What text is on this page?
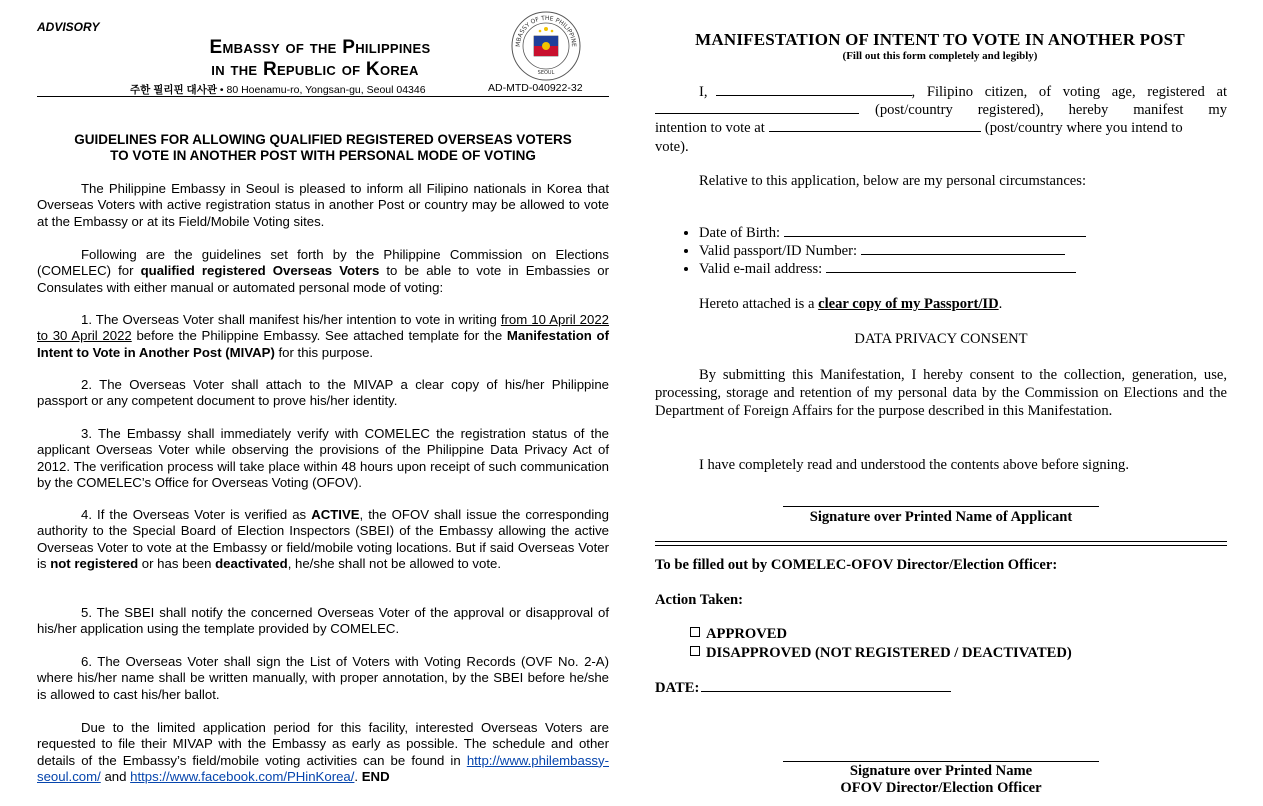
ADVISORY
Embassy of the Philippines
in the Republic of Korea
MBASSY OF THE PHILIPPINE
SEOUL
주한 필리핀 대사관 • 80 Hoenamu-ro, Yongsan-gu, Seoul 04346	AD-MTD-040922-32
GUIDELINES FOR ALLOWING QUALIFIED REGISTERED OVERSEAS VOTERS
TO VOTE IN ANOTHER POST WITH PERSONAL MODE OF VOTING

The Philippine Embassy in Seoul is pleased to inform all Filipino nationals in Korea that Overseas Voters with active registration status in another Post or country may be allowed to vote at the Embassy or at its Field/Mobile Voting sites.

Following are the guidelines set forth by the Philippine Commission on Elections (COMELEC) for qualified registered Overseas Voters to be able to vote in Embassies or Consulates with either manual or automated personal mode of voting:

1. The Overseas Voter shall manifest his/her intention to vote in writing from 10 April 2022 to 30 April 2022 before the Philippine Embassy. See attached template for the Manifestation of Intent to Vote in Another Post (MIVAP) for this purpose.

2. The Overseas Voter shall attach to the MIVAP a clear copy of his/her Philippine passport or any competent document to prove his/her identity.

3. The Embassy shall immediately verify with COMELEC the registration status of the applicant Overseas Voter while observing the provisions of the Philippine Data Privacy Act of 2012. The verification process will take place within 48 hours upon receipt of such communication by the COMELEC’s Office for Overseas Voting (OFOV).

4. If the Overseas Voter is verified as ACTIVE, the OFOV shall issue the corresponding authority to the Special Board of Election Inspectors (SBEI) of the Embassy allowing the active Overseas Voter to vote at the Embassy or field/mobile voting locations. But if said Overseas Voter is not registered or has been deactivated, he/she shall not be allowed to vote.

5. The SBEI shall notify the concerned Overseas Voter of the approval or disapproval of his/her application using the template provided by COMELEC.

6. The Overseas Voter shall sign the List of Voters with Voting Records (OVF No. 2-A) where his/her name shall be written manually, with proper annotation, by the SBEI before he/she is allowed to cast his/her ballot.

Due to the limited application period for this facility, interested Overseas Voters are requested to file their MIVAP with the Embassy as early as possible. The schedule and other details of the Embassy’s field/mobile voting activities can be found in http://www.philembassy-seoul.com/ and https://www.facebook.com/PHinKorea/. END

MANIFESTATION OF INTENT TO VOTE IN ANOTHER POST
(Fill out this form completely and legibly)
I,	, Filipino citizen, of voting age, registered at
(post/country registered), hereby manifest my
intention to vote at	(post/country where you intend to
vote).
Relative to this application, below are my personal circumstances:
• Date of Birth:
• Valid passport/ID Number:
• Valid e-mail address:
Hereto attached is a clear copy of my Passport/ID.
DATA PRIVACY CONSENT

By submitting this Manifestation, I hereby consent to the collection, generation, use, processing, storage and retention of my personal data by the Commission on Elections and the Department of Foreign Affairs for the purpose described in this Manifestation.

I have completely read and understood the contents above before signing.
Signature over Printed Name of Applicant
To be filled out by COMELEC-OFOV Director/Election Officer:
Action Taken:
APPROVED
DISAPPROVED (NOT REGISTERED / DEACTIVATED)
DATE:
Signature over Printed Name
OFOV Director/Election Officer
